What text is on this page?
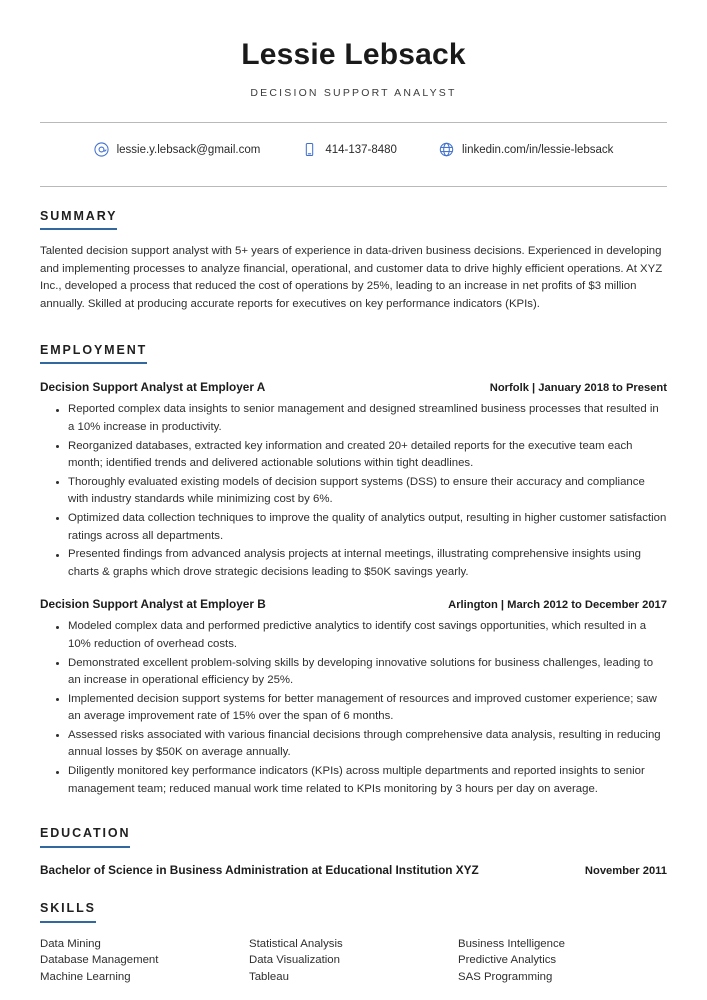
Lessie Lebsack
DECISION SUPPORT ANALYST
lessie.y.lebsack@gmail.com	414-137-8480	linkedin.com/in/lessie-lebsack
SUMMARY

Talented decision support analyst with 5+ years of experience in data-driven business decisions. Experienced in developing and implementing processes to analyze financial, operational, and customer data to drive highly efficient operations. At XYZ Inc., developed a process that reduced the cost of operations by 25%, leading to an increase in net profits of $3 million annually. Skilled at producing accurate reports for executives on key performance indicators (KPIs).

EMPLOYMENT
Decision Support Analyst at Employer A	Norfolk | January 2018 to Present
Reported complex data insights to senior management and designed streamlined business processes that resulted in a 10% increase in productivity.
Reorganized databases, extracted key information and created 20+ detailed reports for the executive team each month; identified trends and delivered actionable solutions within tight deadlines.
Thoroughly evaluated existing models of decision support systems (DSS) to ensure their accuracy and compliance with industry standards while minimizing cost by 6%.
Optimized data collection techniques to improve the quality of analytics output, resulting in higher customer satisfaction ratings across all departments.
Presented findings from advanced analysis projects at internal meetings, illustrating comprehensive insights using charts & graphs which drove strategic decisions leading to $50K savings yearly.
Decision Support Analyst at Employer B	Arlington | March 2012 to December 2017
Modeled complex data and performed predictive analytics to identify cost savings opportunities, which resulted in a 10% reduction of overhead costs.
Demonstrated excellent problem-solving skills by developing innovative solutions for business challenges, leading to an increase in operational efficiency by 25%.
Implemented decision support systems for better management of resources and improved customer experience; saw an average improvement rate of 15% over the span of 6 months.
Assessed risks associated with various financial decisions through comprehensive data analysis, resulting in reducing annual losses by $50K on average annually.
Diligently monitored key performance indicators (KPIs) across multiple departments and reported insights to senior management team; reduced manual work time related to KPIs monitoring by 3 hours per day on average.
EDUCATION
Bachelor of Science in Business Administration at Educational Institution XYZ	November 2011
SKILLS
Data Mining	Statistical Analysis	Business Intelligence
Database Management	Data Visualization	Predictive Analytics
Machine Learning	Tableau	SAS Programming
